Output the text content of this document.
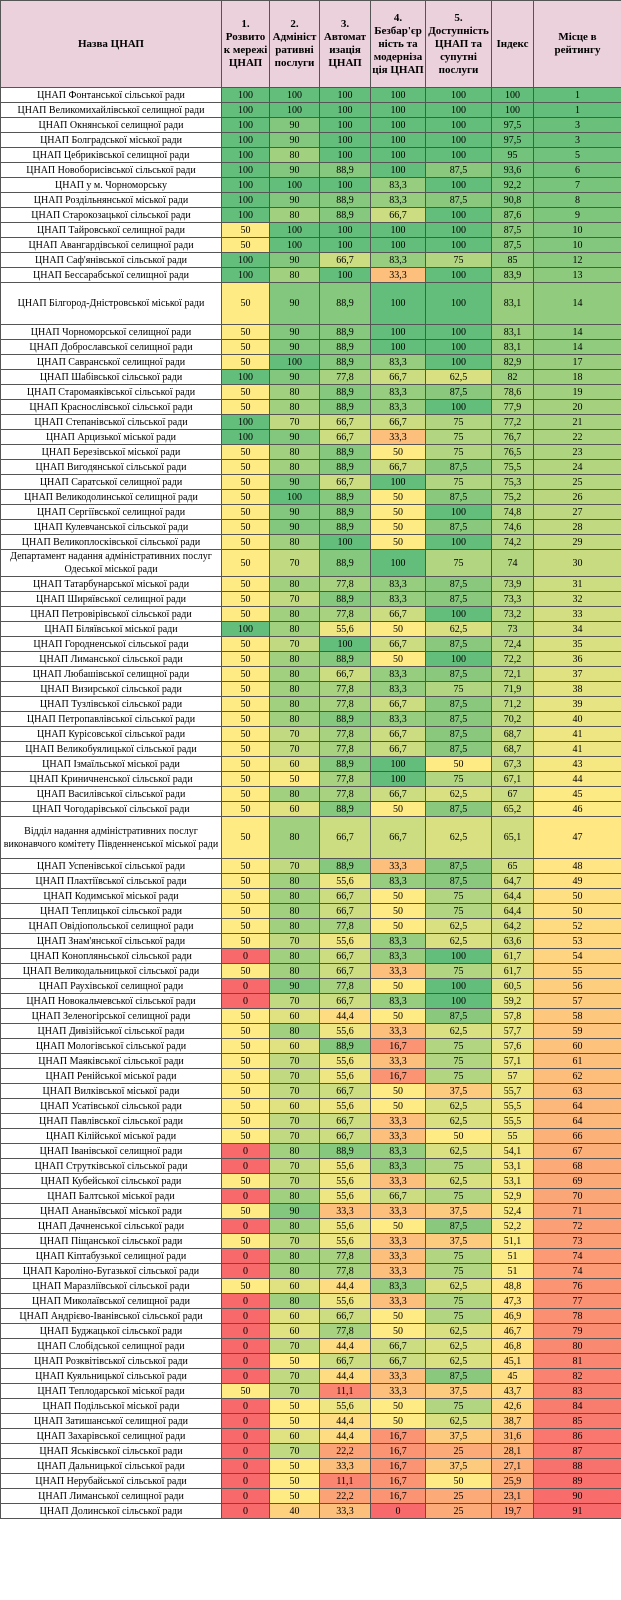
Назва ЦНАП	1. Розвиток мережі ЦНАП	2. Адміністративні послуги	3. Автоматизація ЦНАП	4. Безбар'єрність та модернізація ЦНАП	5. Доступність ЦНАП та супутні послуги	Індекс	Місце в рейтингу
ЦНАП Фонтанської сільської ради	100	100	100	100	100	100	1
ЦНАП Великомихайлівської селищної ради	100	100	100	100	100	100	1
ЦНАП Окнянської селищної ради	100	90	100	100	100	97,5	3
ЦНАП Болградської міської ради	100	90	100	100	100	97,5	3
ЦНАП Цебриківської селищної ради	100	80	100	100	100	95	5
ЦНАП Новоборисівської сільської ради	100	90	88,9	100	87,5	93,6	6
ЦНАП у м. Чорноморську	100	100	100	83,3	100	92,2	7
ЦНАП Роздільнянської міської ради	100	90	88,9	83,3	87,5	90,8	8
ЦНАП Старокозацької сільської ради	100	80	88,9	66,7	100	87,6	9
ЦНАП Тайровської селищної ради	50	100	100	100	100	87,5	10
ЦНАП Авангардівської селищної ради	50	100	100	100	100	87,5	10
ЦНАП Саф'янівської сільської ради	100	90	66,7	83,3	75	85	12
ЦНАП Бессарабської селищної ради	100	80	100	33,3	100	83,9	13
ЦНАП Білгород-Дністровської міської ради	50	90	88,9	100	100	83,1	14
ЦНАП Чорноморської селищної ради	50	90	88,9	100	100	83,1	14
ЦНАП Доброславської селищної ради	50	90	88,9	100	100	83,1	14
ЦНАП Савранської селищної ради	50	100	88,9	83,3	100	82,9	17
ЦНАП Шабівської сільської ради	100	90	77,8	66,7	62,5	82	18
ЦНАП Старомаяківської сільської ради	50	80	88,9	83,3	87,5	78,6	19
ЦНАП Краснослівської сільської ради	50	80	88,9	83,3	100	77,9	20
ЦНАП Степанівської сільської ради	100	70	66,7	66,7	75	77,2	21
ЦНАП Арцизької міської ради	100	90	66,7	33,3	75	76,7	22
ЦНАП Березівської міської ради	50	80	88,9	50	75	76,5	23
ЦНАП Вигодянської сільської ради	50	80	88,9	66,7	87,5	75,5	24
ЦНАП Саратської селищної ради	50	90	66,7	100	75	75,3	25
ЦНАП Великодолинської селищної ради	50	100	88,9	50	87,5	75,2	26
ЦНАП Сергіївської селищної ради	50	90	88,9	50	100	74,8	27
ЦНАП Кулевчанської сільської ради	50	90	88,9	50	87,5	74,6	28
ЦНАП Великоплосківської сільської ради	50	80	100	50	100	74,2	29
Департамент надання адміністративних послуг Одеської міської ради	50	70	88,9	100	75	74	30
ЦНАП Татарбунарської міської ради	50	80	77,8	83,3	87,5	73,9	31
ЦНАП Ширяївської селищної ради	50	70	88,9	83,3	87,5	73,3	32
ЦНАП Петровірівської сільської ради	50	80	77,8	66,7	100	73,2	33
ЦНАП Біляївської міської ради	100	80	55,6	50	62,5	73	34
ЦНАП Городненської сільської ради	50	70	100	66,7	87,5	72,4	35
ЦНАП Лиманської сільської ради	50	80	88,9	50	100	72,2	36
ЦНАП Любашівської селищної ради	50	80	66,7	83,3	87,5	72,1	37
ЦНАП Визирської сільської ради	50	80	77,8	83,3	75	71,9	38
ЦНАП Тузлівської сільської ради	50	80	77,8	66,7	87,5	71,2	39
ЦНАП Петропавлівської сільської ради	50	80	88,9	83,3	87,5	70,2	40
ЦНАП Курісовської сільської ради	50	70	77,8	66,7	87,5	68,7	41
ЦНАП Великобуялицької сільської ради	50	70	77,8	66,7	87,5	68,7	41
ЦНАП Ізмаїльської міської ради	50	60	88,9	100	50	67,3	43
ЦНАП Криничненської сільської ради	50	50	77,8	100	75	67,1	44
ЦНАП Василівської сільської ради	50	80	77,8	66,7	62,5	67	45
ЦНАП Чогодарівської сільської ради	50	60	88,9	50	87,5	65,2	46
Відділ надання адміністративних послуг виконавчого комітету Південненської міської ради	50	80	66,7	66,7	62,5	65,1	47
ЦНАП Успенівської сільської ради	50	70	88,9	33,3	87,5	65	48
ЦНАП Плахтіївської сільської ради	50	80	55,6	83,3	87,5	64,7	49
ЦНАП Кодимської міської ради	50	80	66,7	50	75	64,4	50
ЦНАП Теплицької сільської ради	50	80	66,7	50	75	64,4	50
ЦНАП Овідіопольської селищної ради	50	80	77,8	50	62,5	64,2	52
ЦНАП Знам'янської сільської ради	50	70	55,6	83,3	62,5	63,6	53
ЦНАП Конопляньської сільської ради	0	80	66,7	83,3	100	61,7	54
ЦНАП Великодальницької сільської ради	50	80	66,7	33,3	75	61,7	55
ЦНАП Рауxівської селищної ради	0	90	77,8	50	100	60,5	56
ЦНАП Новокальчевської сільської ради	0	70	66,7	83,3	100	59,2	57
ЦНАП Зеленогірської селищної ради	50	60	44,4	50	87,5	57,8	58
ЦНАП Дивізійської сільської ради	50	80	55,6	33,3	62,5	57,7	59
ЦНАП Мологівської сільської ради	50	60	88,9	16,7	75	57,6	60
ЦНАП Маяківської сільської ради	50	70	55,6	33,3	75	57,1	61
ЦНАП Ренійської міської ради	50	70	55,6	16,7	75	57	62
ЦНАП Вилківської міської ради	50	70	66,7	50	37,5	55,7	63
ЦНАП Усатівської сільської ради	50	60	55,6	50	62,5	55,5	64
ЦНАП Павлівської сільської ради	50	70	66,7	33,3	62,5	55,5	64
ЦНАП Кілійської міської ради	50	70	66,7	33,3	50	55	66
ЦНАП Іванівської селищної ради	0	80	88,9	83,3	62,5	54,1	67
ЦНАП Струтківської сільської ради	0	70	55,6	83,3	75	53,1	68
ЦНАП Кубейської сільської ради	50	70	55,6	33,3	62,5	53,1	69
ЦНАП Балтської міської ради	0	80	55,6	66,7	75	52,9	70
ЦНАП Ананьївської міської ради	50	90	33,3	33,3	37,5	52,4	71
ЦНАП Дачненської сільської ради	0	80	55,6	50	87,5	52,2	72
ЦНАП Піщанської сільської ради	50	70	55,6	33,3	37,5	51,1	73
ЦНАП Кiптабузької селищної ради	0	80	77,8	33,3	75	51	74
ЦНАП Кароліно-Бугазької сільської ради	0	80	77,8	33,3	75	51	74
ЦНАП Маразліївської сільської ради	50	60	44,4	83,3	62,5	48,8	76
ЦНАП Миколаївської селищної ради	0	80	55,6	33,3	75	47,3	77
ЦНАП Андрієво-Іванівської сільської ради	0	60	66,7	50	75	46,9	78
ЦНАП Буджацької сільської ради	0	60	77,8	50	62,5	46,7	79
ЦНАП Слобідської селищної ради	0	70	44,4	66,7	62,5	46,8	80
ЦНАП Розквітівської сільської ради	0	50	66,7	66,7	62,5	45,1	81
ЦНАП Куяльницької сільської ради	0	70	44,4	33,3	87,5	45	82
ЦНАП Теплодарської міської ради	50	70	11,1	33,3	37,5	43,7	83
ЦНАП Подільської міської ради	0	50	55,6	50	75	42,6	84
ЦНАП Затишанської селищної ради	0	50	44,4	50	62,5	38,7	85
ЦНАП Захарівської селищної ради	0	60	44,4	16,7	37,5	31,6	86
ЦНАП Яськівської сільської ради	0	70	22,2	16,7	25	28,1	87
ЦНАП Дальницької сільської ради	0	50	33,3	16,7	37,5	27,1	88
ЦНАП Нерубайської сільської ради	0	50	11,1	16,7	50	25,9	89
ЦНАП Лиманської селищної ради	0	50	22,2	16,7	25	23,1	90
ЦНАП Долинської сільської ради	0	40	33,3	0	25	19,7	91
